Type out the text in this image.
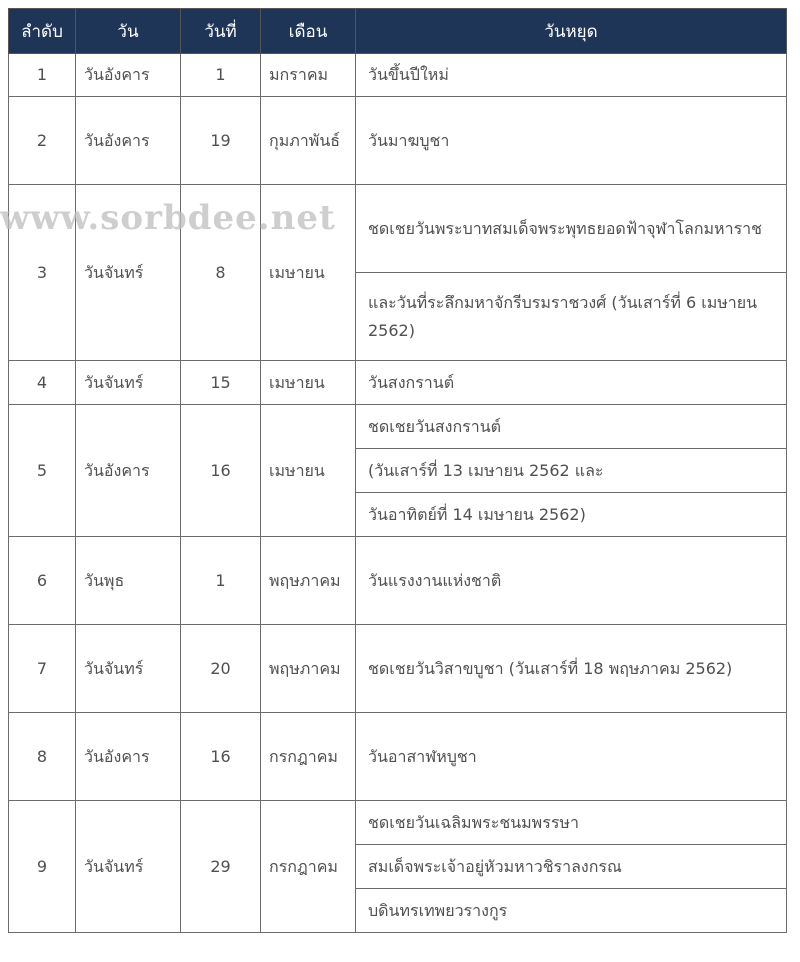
ลำดับ	วัน	วันที่	เดือน	วันหยุด
1	วันอังคาร	1	มกราคม	วันขึ้นปีใหม่
2	วันอังคาร	19	กุมภาพันธ์	วันมาฆบูชา
3	วันจันทร์	8	เมษายน	ชดเชยวันพระบาทสมเด็จพระพุทธยอดฟ้าจุฬาโลกมหาราช
				และวันที่ระลึกมหาจักรีบรมราชวงศ์ (วันเสาร์ที่ 6 เมษายน 2562)
4	วันจันทร์	15	เมษายน	วันสงกรานต์
5	วันอังคาร	16	เมษายน	ชดเชยวันสงกรานต์
				(วันเสาร์ที่ 13 เมษายน 2562 และ
				วันอาทิตย์ที่ 14 เมษายน 2562)
6	วันพุธ	1	พฤษภาคม	วันแรงงานแห่งชาติ
7	วันจันทร์	20	พฤษภาคม	ชดเชยวันวิสาขบูชา (วันเสาร์ที่ 18 พฤษภาคม 2562)
8	วันอังคาร	16	กรกฎาคม	วันอาสาฬหบูชา
9	วันจันทร์	29	กรกฎาคม	ชดเชยวันเฉลิมพระชนมพรรษา
				สมเด็จพระเจ้าอยู่หัวมหาวชิราลงกรณ
				บดินทรเทพยวรางกูร
www.sorbdee.net
